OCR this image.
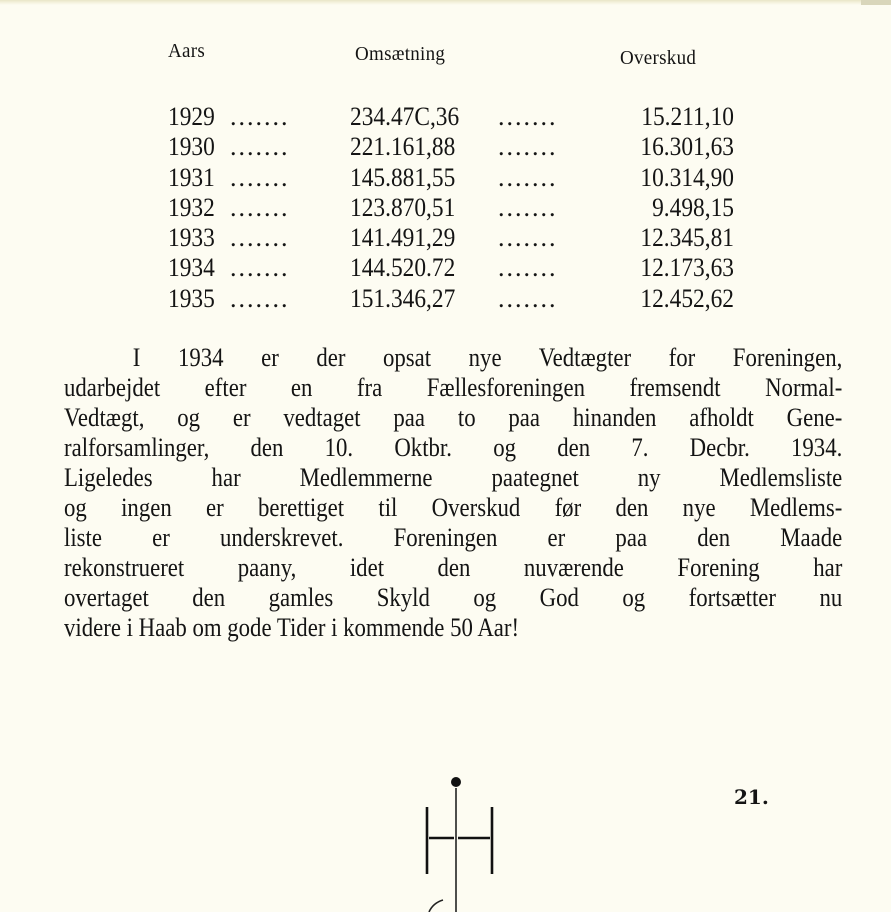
Aars	Omsætning	Overskud
1929 ....... 234.47C,36 .......	15.211,10
1930 ....... 221.161,88 .......	16.301,63
1931 ....... 145.881,55 .......	10.314,90
1932 ....... 123.870,51 .......	9.498,15
1933 ....... 141.491,29 .......	12.345,81
1934 ....... 144.520.72 .......	12.173,63
1935 ....... 151.346,27 .......	12.452,62
I 1934 er der opsat nye Vedtægter for Foreningen,
udarbejdet efter en fra Fællesforeningen fremsendt Normal-
Vedtægt, og er vedtaget paa to paa hinanden afholdt Gene-
ralforsamlinger, den 10. Oktbr. og den 7. Decbr. 1934.
Ligeledes har Medlemmerne paategnet ny Medlemsliste
og ingen er berettiget til Overskud før den nye Medlems-
liste er underskrevet. Foreningen er paa den Maade
rekonstrueret paany, idet den nuværende Forening har
overtaget den gamles Skyld og God og fortsætter nu
videre i Haab om gode Tider i kommende 50 Aar!
21.
